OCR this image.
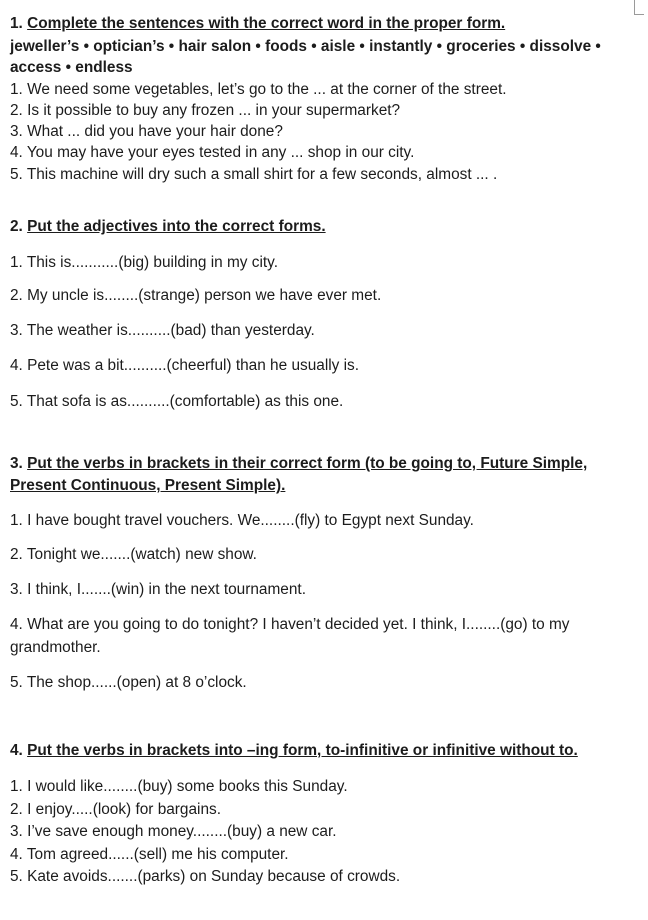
1. Complete the sentences with the correct word in the proper form.
jeweller’s • optician’s • hair salon • foods • aisle • instantly • groceries • dissolve •
access • endless
1. We need some vegetables, let’s go to the ... at the corner of the street.
2. Is it possible to buy any frozen ... in your supermarket?
3. What ... did you have your hair done?
4. You may have your eyes tested in any ... shop in our city.
5. This machine will dry such a small shirt for a few seconds, almost ... .
2. Put the adjectives into the correct forms.
1. This is...........(big) building in my city.
2. My uncle is........(strange) person we have ever met.
3. The weather is..........(bad) than yesterday.
4. Pete was a bit..........(cheerful) than he usually is.
5. That sofa is as..........(comfortable) as this one.
3. Put the verbs in brackets in their correct form (to be going to, Future Simple,
Present Continuous, Present Simple).
1. I have bought travel vouchers. We........(fly) to Egypt next Sunday.
2. Tonight we.......(watch) new show.
3. I think, I.......(win) in the next tournament.
4. What are you going to do tonight? I haven’t decided yet. I think, I........(go) to my grandmother.
5. The shop......(open) at 8 o’clock.
4. Put the verbs in brackets into –ing form, to-infinitive or infinitive without to.
1. I would like........(buy) some books this Sunday.
2. I enjoy.....(look) for bargains.
3. I’ve save enough money........(buy) a new car.
4. Tom agreed......(sell) me his computer.
5. Kate avoids.......(parks) on Sunday because of crowds.
